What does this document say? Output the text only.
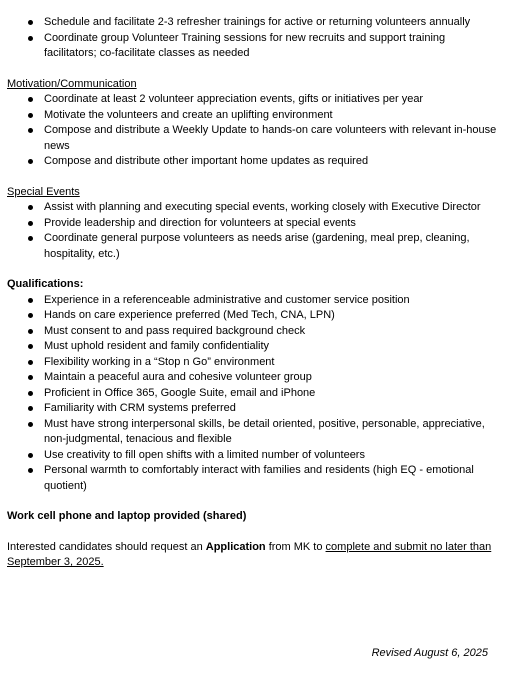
Schedule and facilitate 2-3 refresher trainings for active or returning volunteers annually
Coordinate group Volunteer Training sessions for new recruits and support training facilitators; co-facilitate classes as needed

Motivation/Communication

Coordinate at least 2 volunteer appreciation events, gifts or initiatives per year
Motivate the volunteers and create an uplifting environment
Compose and distribute a Weekly Update to hands-on care volunteers with relevant in-house news
Compose and distribute other important home updates as required

Special Events

Assist with planning and executing special events, working closely with Executive Director
Provide leadership and direction for volunteers at special events
Coordinate general purpose volunteers as needs arise (gardening, meal prep, cleaning, hospitality, etc.)

Qualifications:

Experience in a referenceable administrative and customer service position
Hands on care experience preferred (Med Tech, CNA, LPN)
Must consent to and pass required background check
Must uphold resident and family confidentiality
Flexibility working in a “Stop n Go” environment
Maintain a peaceful aura and cohesive volunteer group
Proficient in Office 365, Google Suite, email and iPhone
Familiarity with CRM systems preferred
Must have strong interpersonal skills, be detail oriented, positive, personable, appreciative, non-judgmental, tenacious and flexible
Use creativity to fill open shifts with a limited number of volunteers
Personal warmth to comfortably interact with families and residents (high EQ - emotional quotient)

Work cell phone and laptop provided (shared)

Interested candidates should request an Application from MK to complete and submit no later than September 3, 2025.

Revised August 6, 2025
